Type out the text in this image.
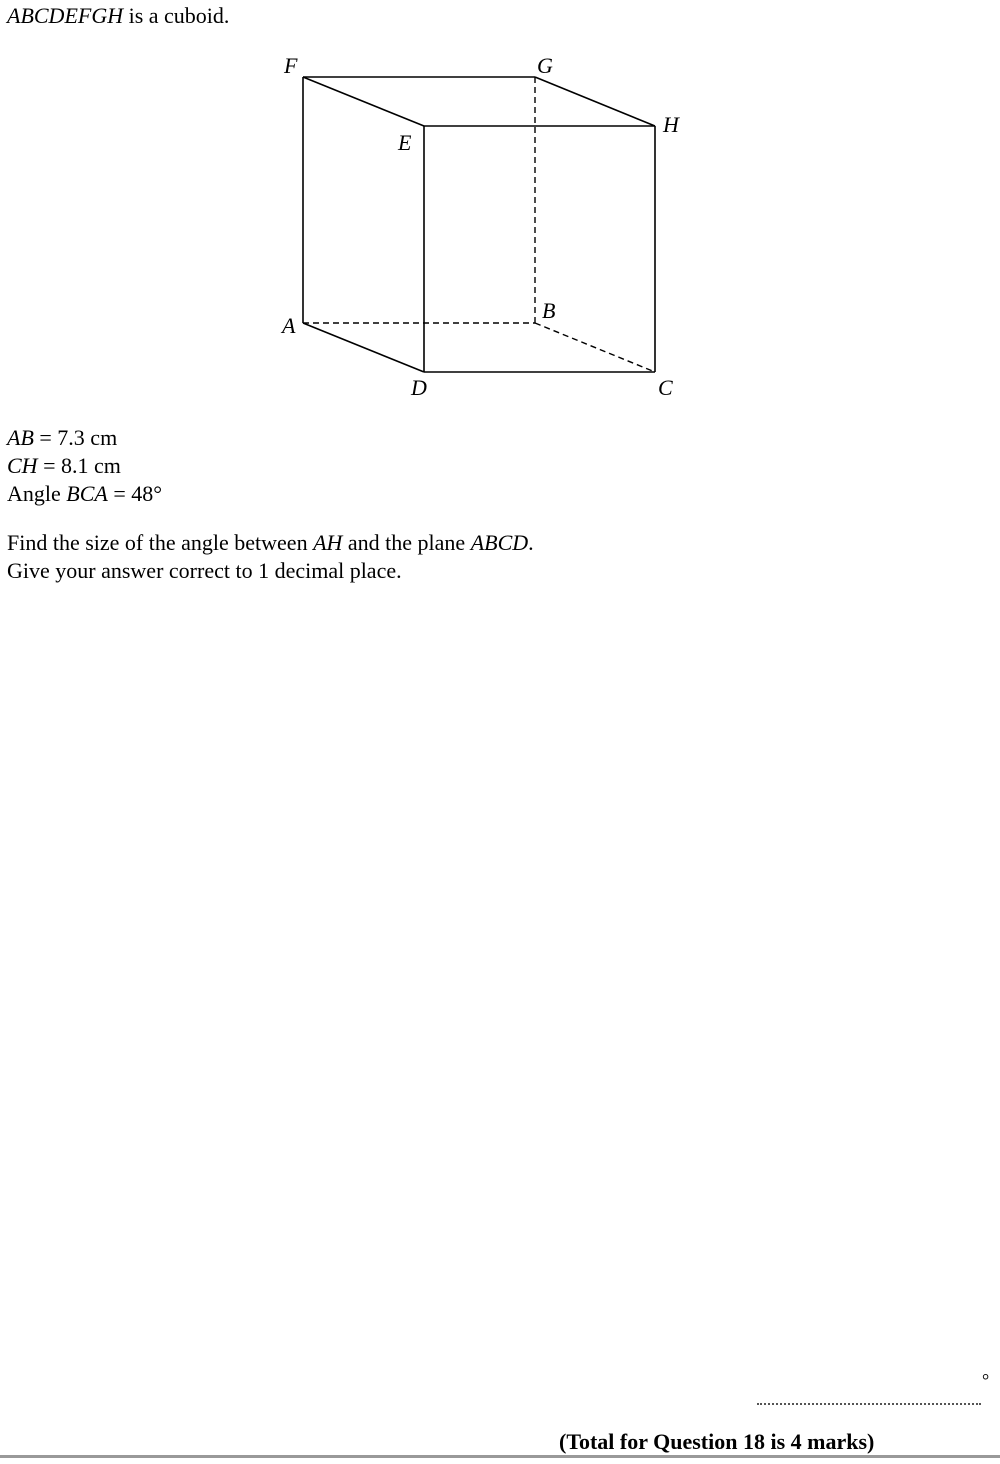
ABCDEFGH is a cuboid.
F	G
H
E
B
A
D	C
AB = 7.3 cm
CH = 8.1 cm
Angle BCA = 48°
Find the size of the angle between AH and the plane ABCD.
Give your answer correct to 1 decimal place.
°
(Total for Question 18 is 4 marks)
